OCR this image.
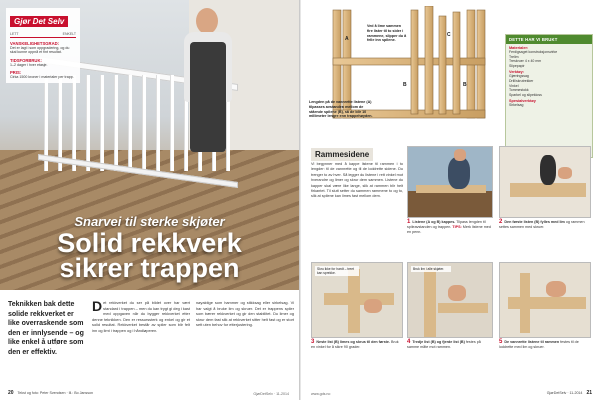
Gjør Det Selv
LETT	ENKELT
VANSKELIGHETSGRAD:
Det er lagt i som oppgradering, og du skal kunne oppnå et fint resultat.
TIDSFORBRUK:
1–2 dager i hver etasje.
PRIS:
Cirka 1500 kroner i materialer per trapp.
Snarvei til sterke skjøter
Solid rekkverk
sikrer trappen
Teknikken bak dette solide rekkverket er like overraskende som den er innlysende – og like enkel å utføre som den er effektiv.
Det rekkverket du ser på bildet over har vært standard i trappen – men du kan trygt gi deg i kast med oppgaven når du bygger rekkverket etter denne teknikken. Den er ressurssterk og enkel og gir et solid resultat. Rekkverket består av spiler som blir felt inn og limt i trappen og i håndløperen.
nøyaktige som hammer og stikksag eller sirkelsag. Vi har valgt å bruke lim og skruer. Det er trappens spiler som bærer rekkverket og gir den stabilitet. Du limer og skrur dem fast slik at rekkverket sitter helt fast og er stort sett uten behov for etterjustering.
20 Tekst og foto: Peter Svendsen · Ill.: Bo Jansson	GjørDetSelv · 11-2014
A
B
C
B
Ved å lime sammen fire lister til to sider i rammene, slipper du å felle inn spilene.
Lengden på de vannrette listene (A) tilpasses avstanden mellom de stående spilene (B), så de blir 10 millimeter lengre enn trappehøyden.
DETTE HAR VI BRUKT
Materialer:
Ferdigsaget konstruksjonsvirke
Trelim
Treskruer 4 x 40 mm
Slipepapir
Verktøy:
Gjæringssag
Drill/skrutrekker
Vinkel
Tommestokk
Sparkel og slipekloss
Spesialverktøy
Sirkelsag
Rammesidene
Vi begynner med å kappe listene til rammen i to lengder: til de vannrette og til de loddrette sidene. Du trenger to av hver. Så legger du listene i rett vinkel mot hverandre og limer og skrur dem sammen. Listene du kapper skal være like lange, slik at rammen blir helt firkantet. Til slutt setter du sammen rammene to og to, slik at spilene kan limes fast mellom dem.
1 Listene (A og B) kappes. Tilpass lengden til spileavstanden og trappen. TIPS: Merk listene med en penn.
2 Den første listen (B) fylles med lim og rammen settes sammen med skruer.
Skru ikke for hardt – treet kan sprekke.
3 Neste list (B) limes og skrus til den første. Bruk en vinkel for å sikre 90 grader.
Bruk lim i alle skjøter.
4 Tredje list (B) og fjerde list (B) festes på samme måte mot rammen.
5 De vannrette listene til rammen festes til de loddrette med lim og skruer.
www.gds.no	GjørDetSelv · 11-2014 21
